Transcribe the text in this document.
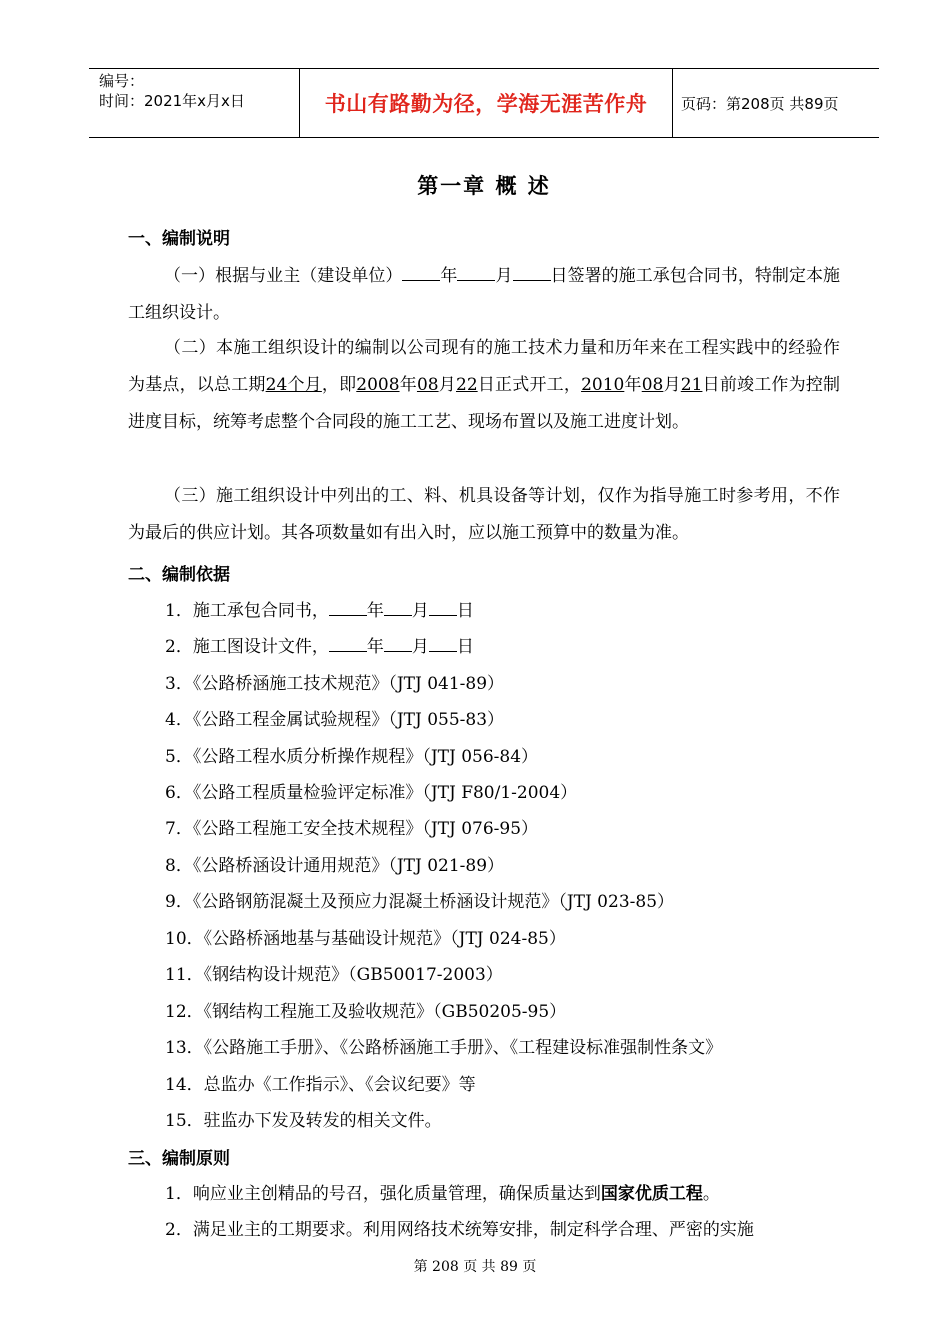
编号：
时间：2021年x月x日	书山有路勤为径，学海无涯苦作舟 页码：第208页 共89页
第一章 概 述
一、编制说明
（一）根据与业主（建设单位） 年 月 日签署的施工承包合同书，特制定本施工组织设计。
（二）本施工组织设计的编制以公司现有的施工技术力量和历年来在工程实践中的经验作为基点，以总工期24个月，即2008年08月22日正式开工，2010年08月21日前竣工作为控制进度目标，统筹考虑整个合同段的施工工艺、现场布置以及施工进度计划。
（三）施工组织设计中列出的工、料、机具设备等计划，仅作为指导施工时参考用，不作为最后的供应计划。其各项数量如有出入时，应以施工预算中的数量为准。
二、编制依据
1．施工承包合同书， 年 月 日
2．施工图设计文件， 年 月 日
3．《公路桥涵施工技术规范》（JTJ 041-89）
4．《公路工程金属试验规程》（JTJ 055-83）
5．《公路工程水质分析操作规程》（JTJ 056-84）
6．《公路工程质量检验评定标准》（JTJ F80/1-2004）
7．《公路工程施工安全技术规程》（JTJ 076-95）
8．《公路桥涵设计通用规范》（JTJ 021-89）
9．《公路钢筋混凝土及预应力混凝土桥涵设计规范》（JTJ 023-85）
10．《公路桥涵地基与基础设计规范》（JTJ 024-85）
11．《钢结构设计规范》（GB50017-2003）
12．《钢结构工程施工及验收规范》（GB50205-95）
13．《公路施工手册》、《公路桥涵施工手册》、《工程建设标准强制性条文》
14．总监办《工作指示》、《会议纪要》等
15．驻监办下发及转发的相关文件。
三、编制原则
1．响应业主创精品的号召，强化质量管理，确保质量达到国家优质工程。
2．满足业主的工期要求。利用网络技术统筹安排，制定科学合理、严密的实施
第 208 页 共 89 页
